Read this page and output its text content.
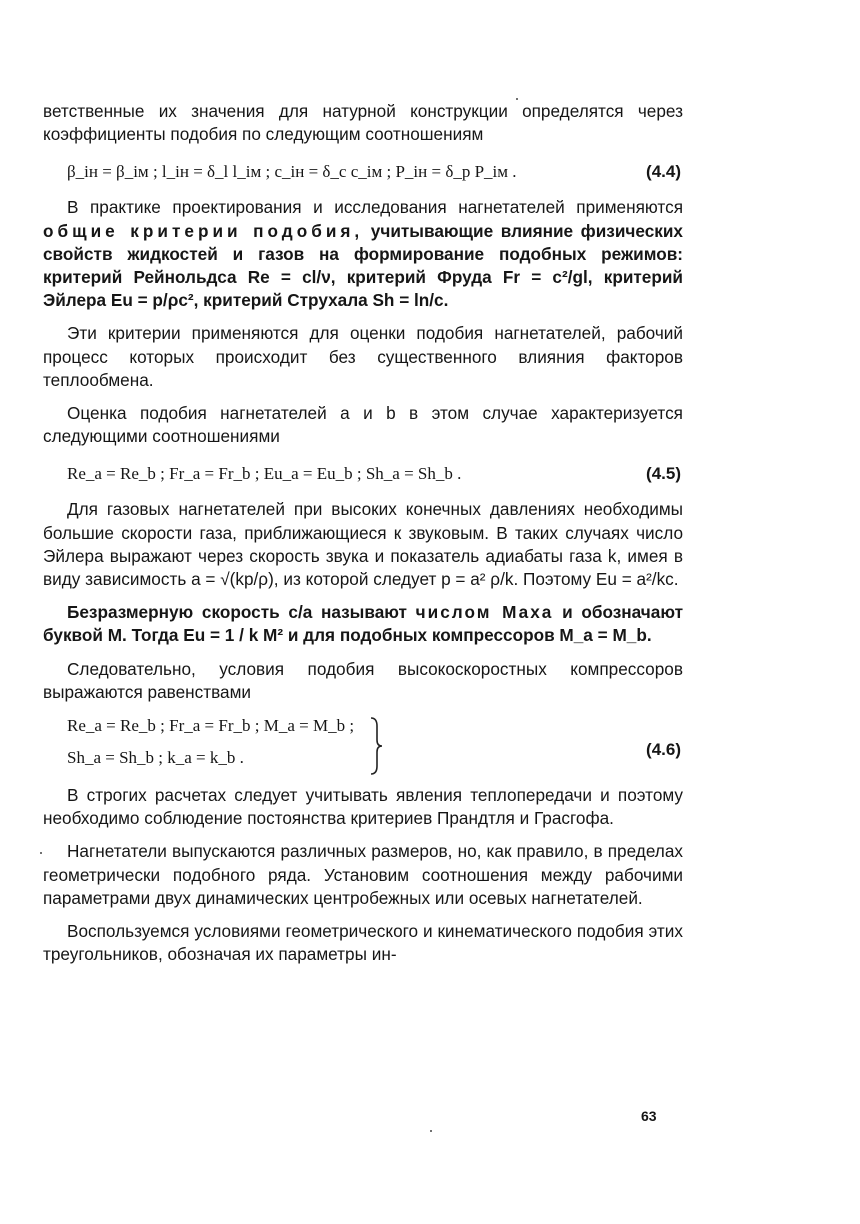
ветственные их значения для натурной конструкции определятся через коэффициенты подобия по следующим соотношениям

β_iн = β_iм ; l_iн = δ_l l_iм ; c_iн = δ_c c_iм ; P_iн = δ_p P_iм .	(4.4)

В практике проектирования и исследования нагнетателей применяются общие критерии подобия, учитывающие влияние физических свойств жидкостей и газов на формирование подобных режимов: критерий Рейнольдса Re = cl/ν, критерий Фруда Fr = c²/gl, критерий Эйлера Eu = p/ρc², критерий Струхала Sh = ln/c.

Эти критерии применяются для оценки подобия нагнетателей, рабочий процесс которых происходит без существенного влияния факторов теплообмена.

Оценка подобия нагнетателей a и b в этом случае характеризуется следующими соотношениями

Re_a = Re_b ; Fr_a = Fr_b ; Eu_a = Eu_b ; Sh_a = Sh_b .	(4.5)

Для газовых нагнетателей при высоких конечных давлениях необходимы большие скорости газа, приближающиеся к звуковым. В таких случаях число Эйлера выражают через скорость звука и показатель адиабаты газа k, имея в виду зависимость a = √(kp/ρ), из которой следует p = a² ρ/k. Поэтому Eu = a²/kc.

Безразмерную скорость c/a называют числом Маха и обозначают буквой М. Тогда Eu = 1 / k M² и для подобных компрессоров M_a = M_b.

Следовательно, условия подобия высокоскоростных компрессоров выражаются равенствами

Re_a = Re_b ; Fr_a = Fr_b ; M_a = M_b ;
Sh_a = Sh_b ; k_a = k_b .	(4.6)

В строгих расчетах следует учитывать явления теплопередачи и поэтому необходимо соблюдение постоянства критериев Прандтля и Грасгофа.

Нагнетатели выпускаются различных размеров, но, как правило, в пределах геометрически подобного ряда. Установим соотношения между рабочими параметрами двух динамических центробежных или осевых нагнетателей.

Воспользуемся условиями геометрического и кинематического подобия этих треугольников, обозначая их параметры ин-

63
